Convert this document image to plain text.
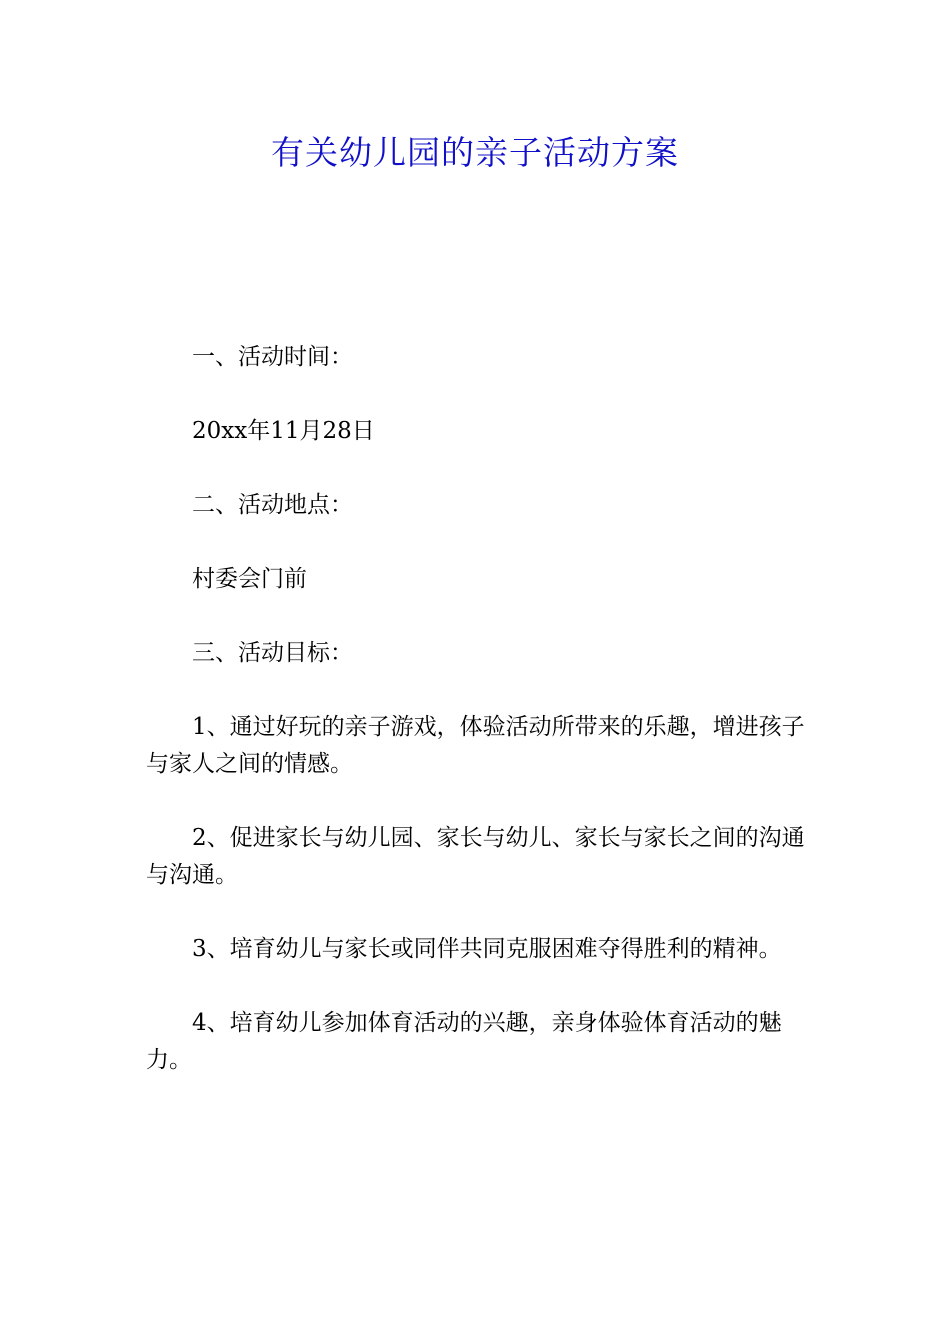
有关幼儿园的亲子活动方案

一、活动时间：

20xx年11月28日

二、活动地点：

村委会门前

三、活动目标：

1、通过好玩的亲子游戏，体验活动所带来的乐趣，增进孩子与家人之间的情感。

2、促进家长与幼儿园、家长与幼儿、家长与家长之间的沟通与沟通。

3、培育幼儿与家长或同伴共同克服困难夺得胜利的精神。

4、培育幼儿参加体育活动的兴趣，亲身体验体育活动的魅力。
